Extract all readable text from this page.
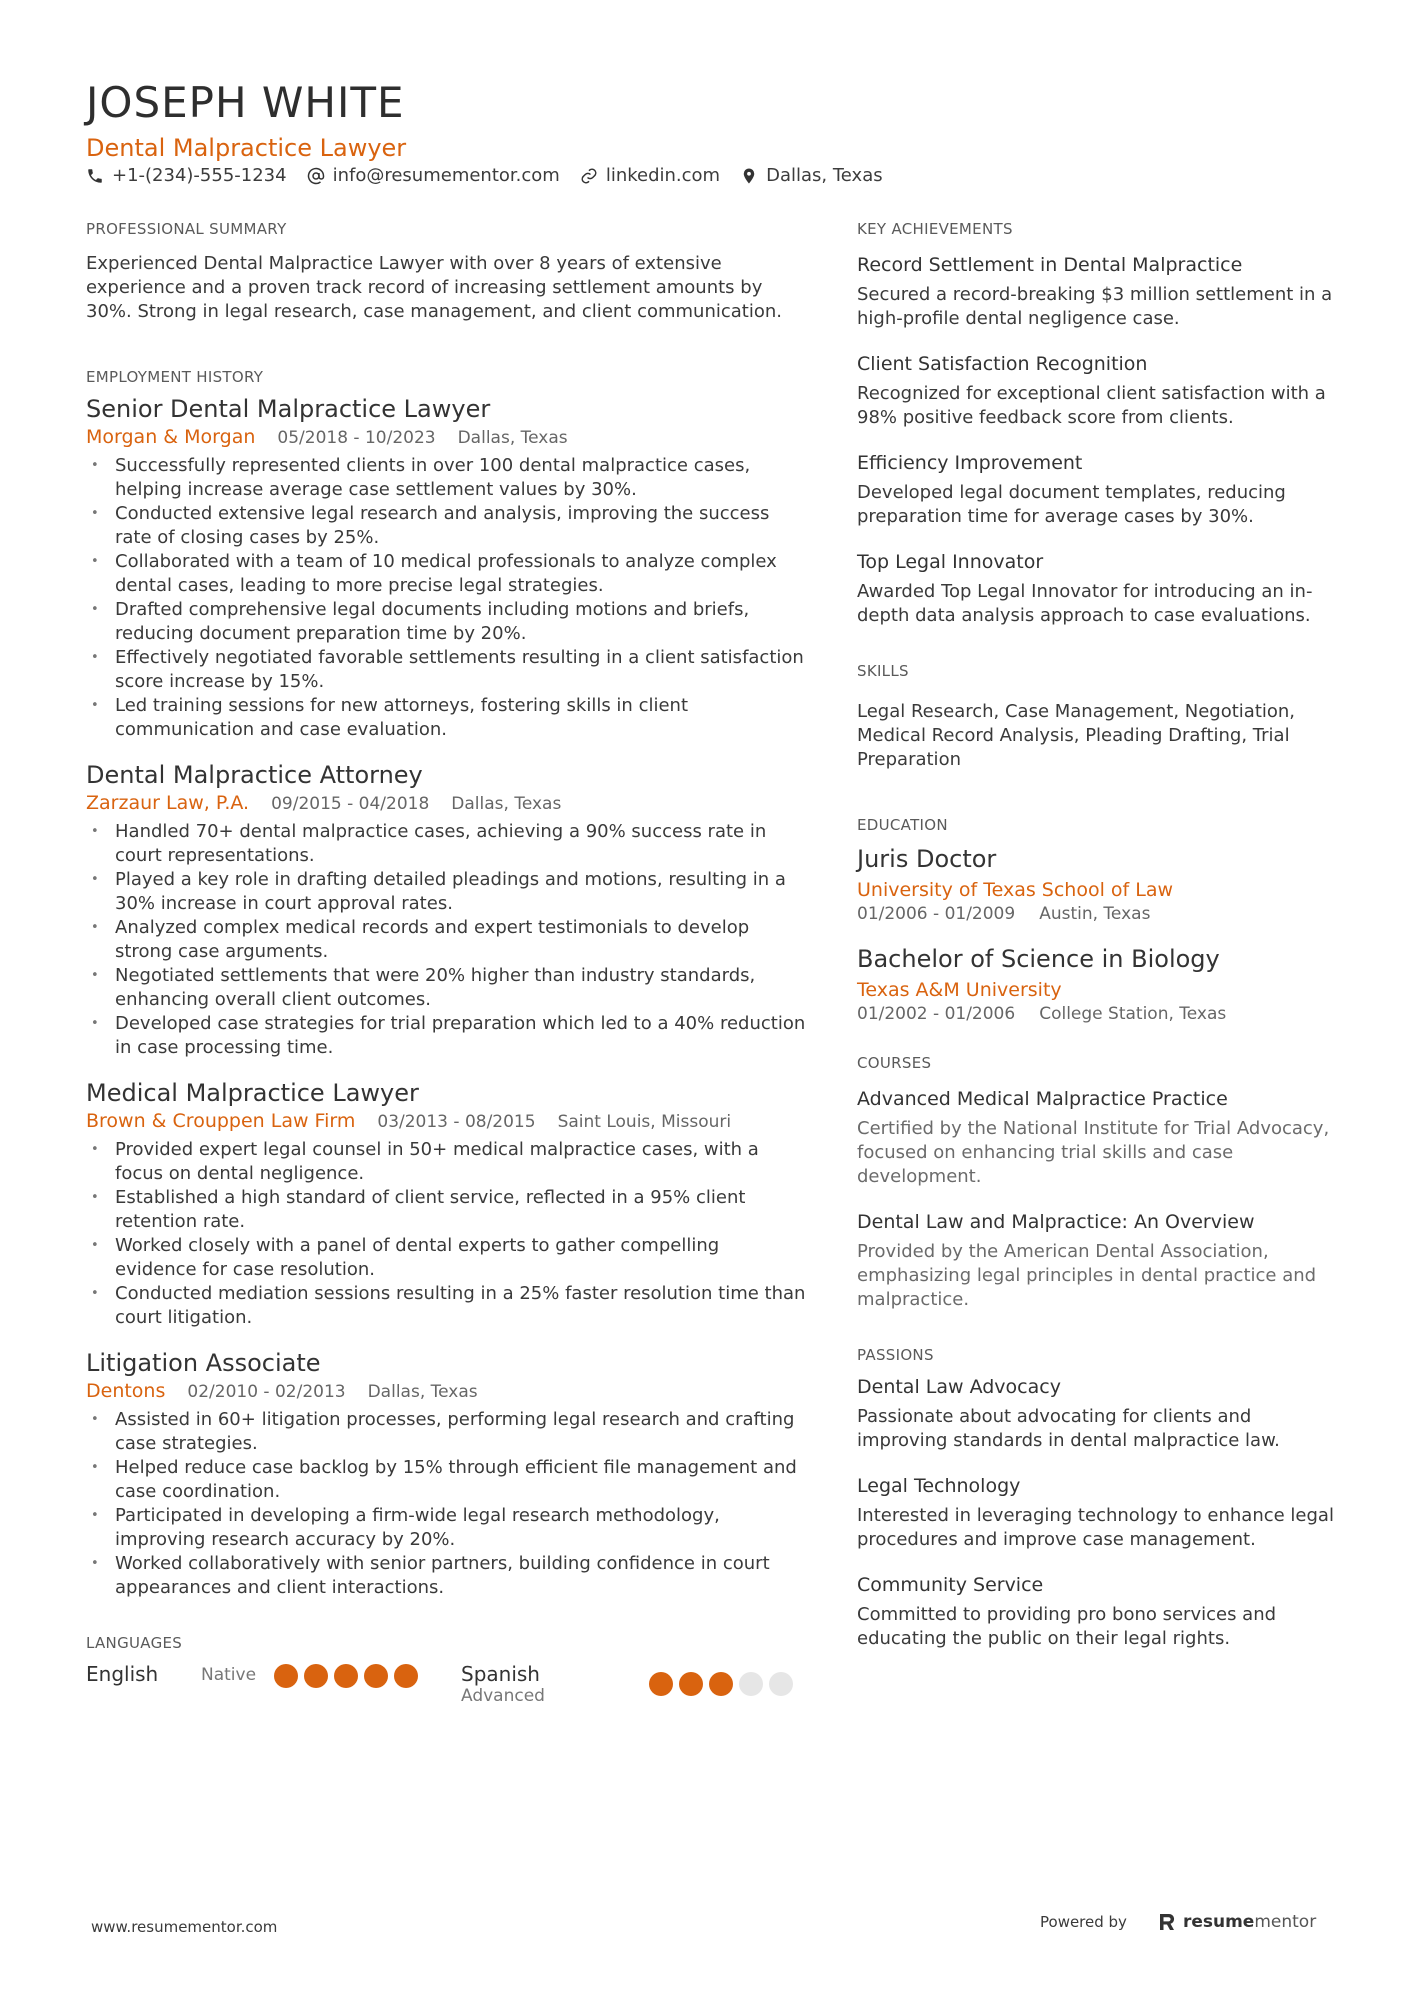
JOSEPH WHITE
Dental Malpractice Lawyer
+1-(234)-555-1234	info@resumementor.com	linkedin.com	Dallas, Texas
PROFESSIONAL SUMMARY
Experienced Dental Malpractice Lawyer with over 8 years of extensive experience and a proven track record of increasing settlement amounts by 30%. Strong in legal research, case management, and client communication.
EMPLOYMENT HISTORY
Senior Dental Malpractice Lawyer
Morgan & Morgan 05/2018 - 10/2023 Dallas, Texas
• Successfully represented clients in over 100 dental malpractice cases, helping increase average case settlement values by 30%.
• Conducted extensive legal research and analysis, improving the success rate of closing cases by 25%.
• Collaborated with a team of 10 medical professionals to analyze complex dental cases, leading to more precise legal strategies.
• Drafted comprehensive legal documents including motions and briefs, reducing document preparation time by 20%.
• Effectively negotiated favorable settlements resulting in a client satisfaction score increase by 15%.
• Led training sessions for new attorneys, fostering skills in client communication and case evaluation.
Dental Malpractice Attorney
Zarzaur Law, P.A. 09/2015 - 04/2018 Dallas, Texas
• Handled 70+ dental malpractice cases, achieving a 90% success rate in court representations.
• Played a key role in drafting detailed pleadings and motions, resulting in a 30% increase in court approval rates.
• Analyzed complex medical records and expert testimonials to develop strong case arguments.
• Negotiated settlements that were 20% higher than industry standards, enhancing overall client outcomes.
• Developed case strategies for trial preparation which led to a 40% reduction in case processing time.
Medical Malpractice Lawyer
Brown & Crouppen Law Firm 03/2013 - 08/2015 Saint Louis, Missouri
• Provided expert legal counsel in 50+ medical malpractice cases, with a focus on dental negligence.
• Established a high standard of client service, reflected in a 95% client retention rate.
• Worked closely with a panel of dental experts to gather compelling evidence for case resolution.
• Conducted mediation sessions resulting in a 25% faster resolution time than court litigation.
Litigation Associate
Dentons 02/2010 - 02/2013 Dallas, Texas
• Assisted in 60+ litigation processes, performing legal research and crafting case strategies.
• Helped reduce case backlog by 15% through efficient file management and case coordination.
• Participated in developing a firm-wide legal research methodology, improving research accuracy by 20%.
• Worked collaboratively with senior partners, building confidence in court appearances and client interactions.
LANGUAGES
English	Native	Spanish
Advanced
KEY ACHIEVEMENTS
Record Settlement in Dental Malpractice
Secured a record-breaking $3 million settlement in a high-profile dental negligence case.
Client Satisfaction Recognition
Recognized for exceptional client satisfaction with a 98% positive feedback score from clients.
Efficiency Improvement
Developed legal document templates, reducing preparation time for average cases by 30%.
Top Legal Innovator
Awarded Top Legal Innovator for introducing an in-depth data analysis approach to case evaluations.
SKILLS
Legal Research, Case Management, Negotiation, Medical Record Analysis, Pleading Drafting, Trial Preparation
EDUCATION
Juris Doctor
University of Texas School of Law
01/2006 - 01/2009 Austin, Texas
Bachelor of Science in Biology
Texas A&M University
01/2002 - 01/2006 College Station, Texas
COURSES
Advanced Medical Malpractice Practice
Certified by the National Institute for Trial Advocacy, focused on enhancing trial skills and case development.
Dental Law and Malpractice: An Overview
Provided by the American Dental Association, emphasizing legal principles in dental practice and malpractice.
PASSIONS
Dental Law Advocacy
Passionate about advocating for clients and improving standards in dental malpractice law.
Legal Technology
Interested in leveraging technology to enhance legal procedures and improve case management.
Community Service
Committed to providing pro bono services and educating the public on their legal rights.
www.resumementor.com	Powered by	resume mentor
